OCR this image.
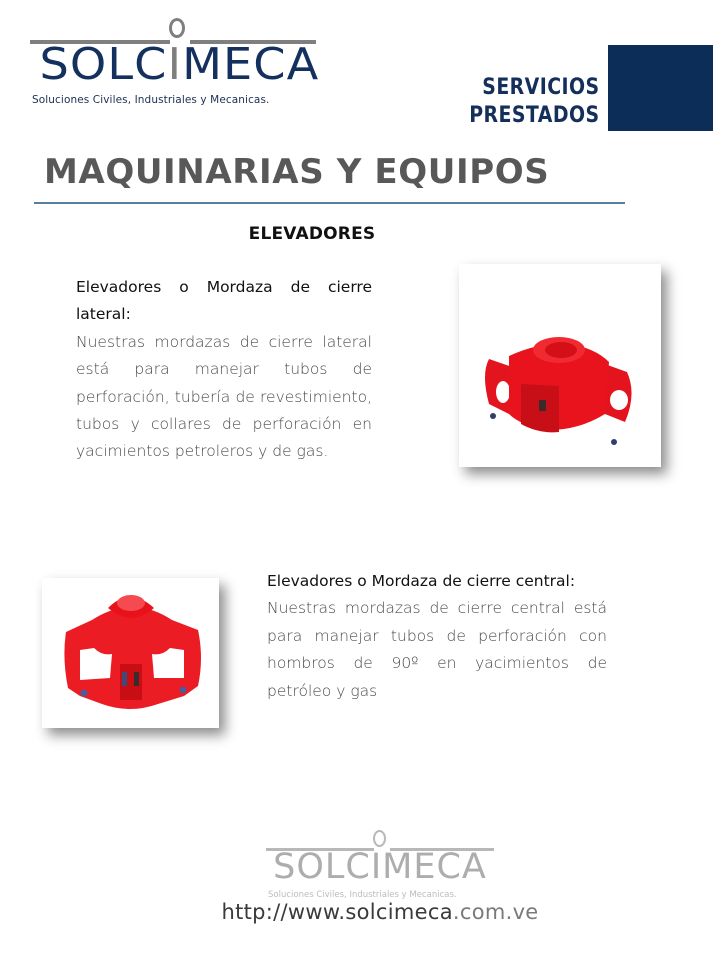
SOLCIMECA
Soluciones Civiles, Industriales y Mecanicas.	SERVICIOS
PRESTADOS
MAQUINARIAS Y EQUIPOS
ELEVADORES

Elevadores o Mordaza de cierre lateral:

Nuestras mordazas de cierre lateral está para manejar tubos de perforación, tubería de revestimiento, tubos y collares de perforación en yacimientos petroleros y de gas.

Elevadores o Mordaza de cierre central:

Nuestras mordazas de cierre central está para manejar tubos de perforación con hombros de 90º en yacimientos de petróleo y gas

SOLCIMECA
Soluciones Civiles, Industriales y Mecanicas.
http://www.solcimeca.com.ve
